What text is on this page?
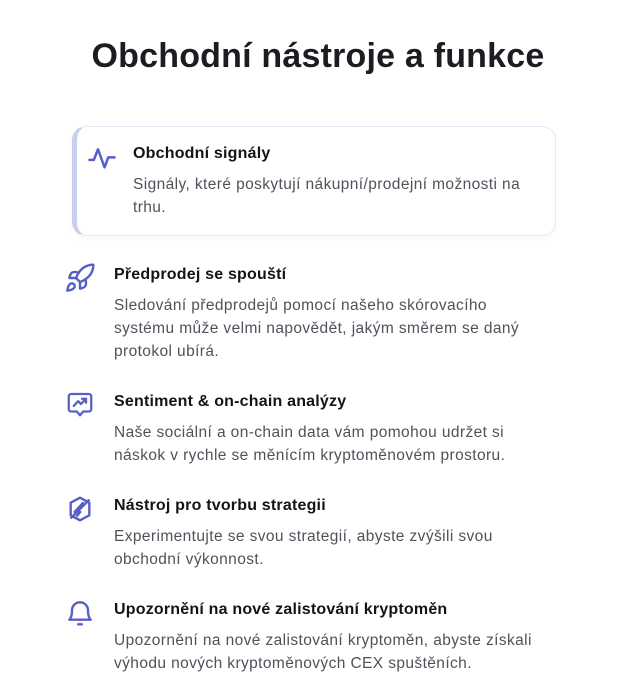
Obchodní nástroje a funkce
Obchodní signály

Signály, které poskytují nákupní/prodejní možnosti na trhu.

Předprodej se spouští

Sledování předprodejů pomocí našeho skórovacího systému může velmi napovědět, jakým směrem se daný protokol ubírá.

Sentiment & on-chain analýzy

Naše sociální a on-chain data vám pomohou udržet si náskok v rychle se měnícím kryptoměnovém prostoru.

Nástroj pro tvorbu strategii

Experimentujte se svou strategií, abyste zvýšili svou obchodní výkonnost.

Upozornění na nové zalistování kryptoměn

Upozornění na nové zalistování kryptoměn, abyste získali výhodu nových kryptoměnových CEX spuštěních.
